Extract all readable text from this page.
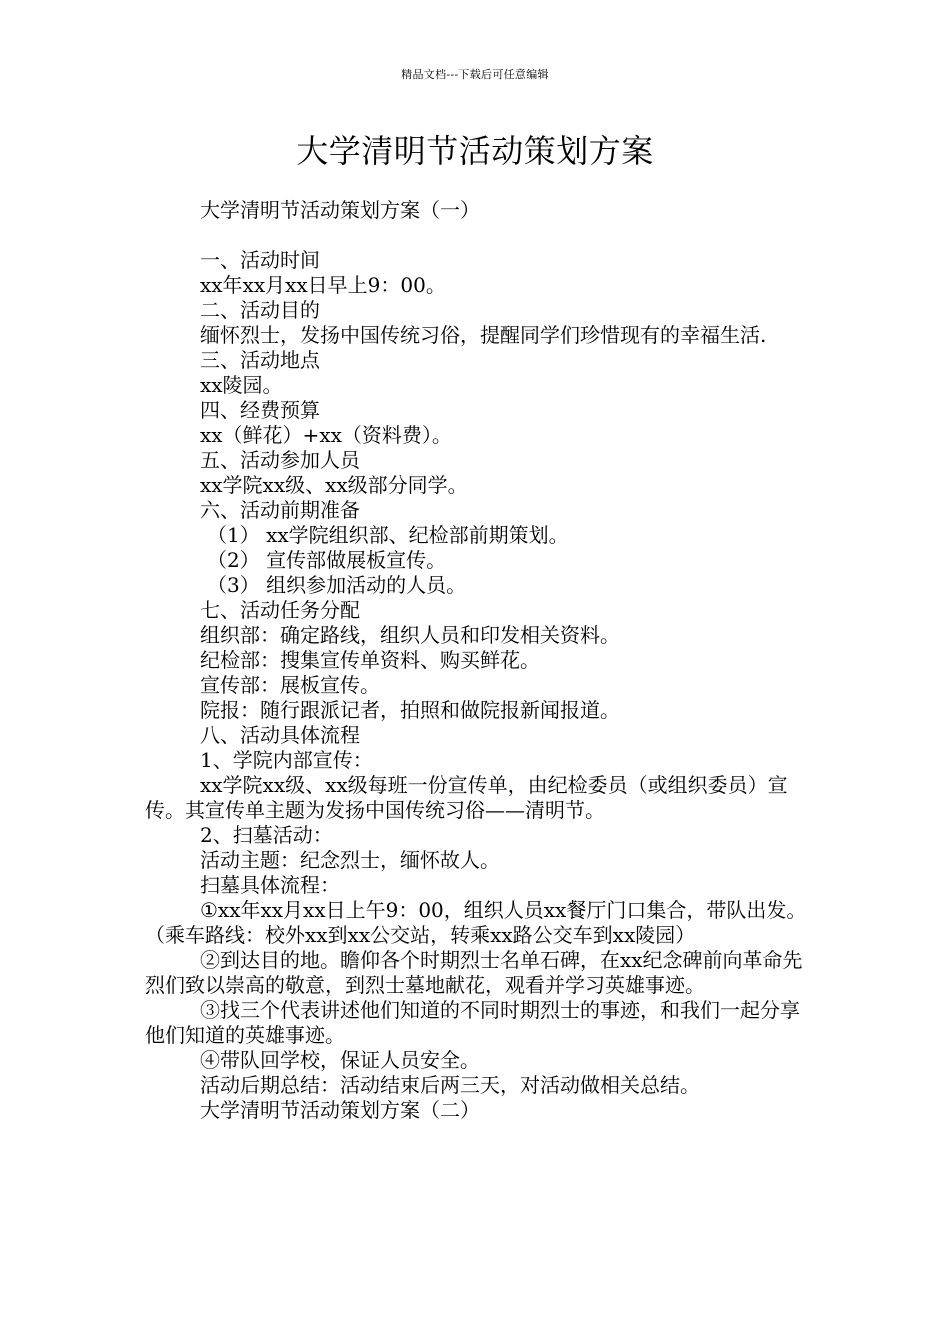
精品文档---下载后可任意编辑
大学清明节活动策划方案

大学清明节活动策划方案（一）

一、活动时间

xx年xx月xx日早上9：00。

二、活动目的

缅怀烈士，发扬中国传统习俗，提醒同学们珍惜现有的幸福生活.

三、活动地点

xx陵园。

四、经费预算

xx（鲜花）+xx（资料费）。

五、活动参加人员

xx学院xx级、xx级部分同学。

六、活动前期准备

（1） xx学院组织部、纪检部前期策划。

（2） 宣传部做展板宣传。

（3） 组织参加活动的人员。

七、活动任务分配

组织部：确定路线，组织人员和印发相关资料。

纪检部：搜集宣传单资料、购买鲜花。

宣传部：展板宣传。

院报：随行跟派记者，拍照和做院报新闻报道。

八、活动具体流程

1、学院内部宣传：

xx学院xx级、xx级每班一份宣传单，由纪检委员（或组织委员）宣传。其宣传单主题为发扬中国传统习俗——清明节。

2、扫墓活动：

活动主题：纪念烈士，缅怀故人。

扫墓具体流程：

①xx年xx月xx日上午9：00，组织人员xx餐厅门口集合，带队出发。（乘车路线：校外xx到xx公交站，转乘xx路公交车到xx陵园）

②到达目的地。瞻仰各个时期烈士名单石碑，在xx纪念碑前向革命先烈们致以崇高的敬意，到烈士墓地献花，观看并学习英雄事迹。

③找三个代表讲述他们知道的不同时期烈士的事迹，和我们一起分享他们知道的英雄事迹。

④带队回学校，保证人员安全。

活动后期总结：活动结束后两三天，对活动做相关总结。

大学清明节活动策划方案（二）
